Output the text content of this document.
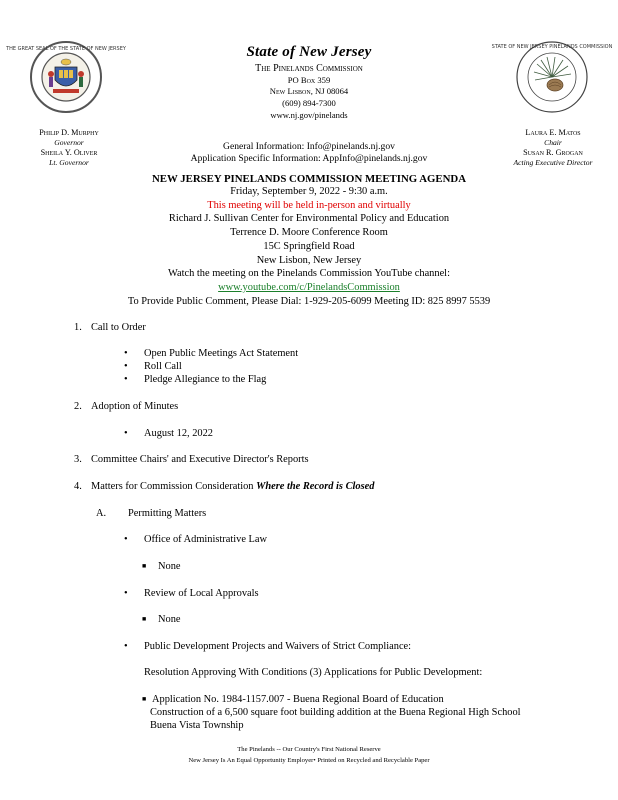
THE GREAT SEAL OF THE STATE OF NEW JERSEY	STATE OF NEW JERSEY PINELANDS COMMISSION
State of New Jersey
The Pinelands Commission
PO Box 359
New Lisbon, NJ 08064
(609) 894-7300
www.nj.gov/pinelands
Philip D. Murphy
Governor
Sheila Y. Oliver
Lt. Governor
Laura E. Matos
Chair
Susan R. Grogan
Acting Executive Director
General Information: Info@pinelands.nj.gov
Application Specific Information: AppInfo@pinelands.nj.gov
NEW JERSEY PINELANDS COMMISSION MEETING AGENDA
Friday, September 9, 2022 - 9:30 a.m.
This meeting will be held in-person and virtually
Richard J. Sullivan Center for Environmental Policy and Education
Terrence D. Moore Conference Room
15C Springfield Road
New Lisbon, New Jersey
Watch the meeting on the Pinelands Commission YouTube channel:
www.youtube.com/c/PinelandsCommission
To Provide Public Comment, Please Dial: 1-929-205-6099 Meeting ID: 825 8997 5539
1. Call to Order
• Open Public Meetings Act Statement
• Roll Call
• Pledge Allegiance to the Flag
2. Adoption of Minutes
• August 12, 2022
3. Committee Chairs' and Executive Director's Reports
4. Matters for Commission Consideration Where the Record is Closed
A. Permitting Matters
• Office of Administrative Law
■ None
• Review of Local Approvals
■ None
• Public Development Projects and Waivers of Strict Compliance:
Resolution Approving With Conditions (3) Applications for Public Development:
■ Application No. 1984-1157.007 - Buena Regional Board of Education
Construction of a 6,500 square foot building addition at the Buena Regional High School
Buena Vista Township
The Pinelands -- Our Country's First National Reserve
New Jersey Is An Equal Opportunity Employer• Printed on Recycled and Recyclable Paper
